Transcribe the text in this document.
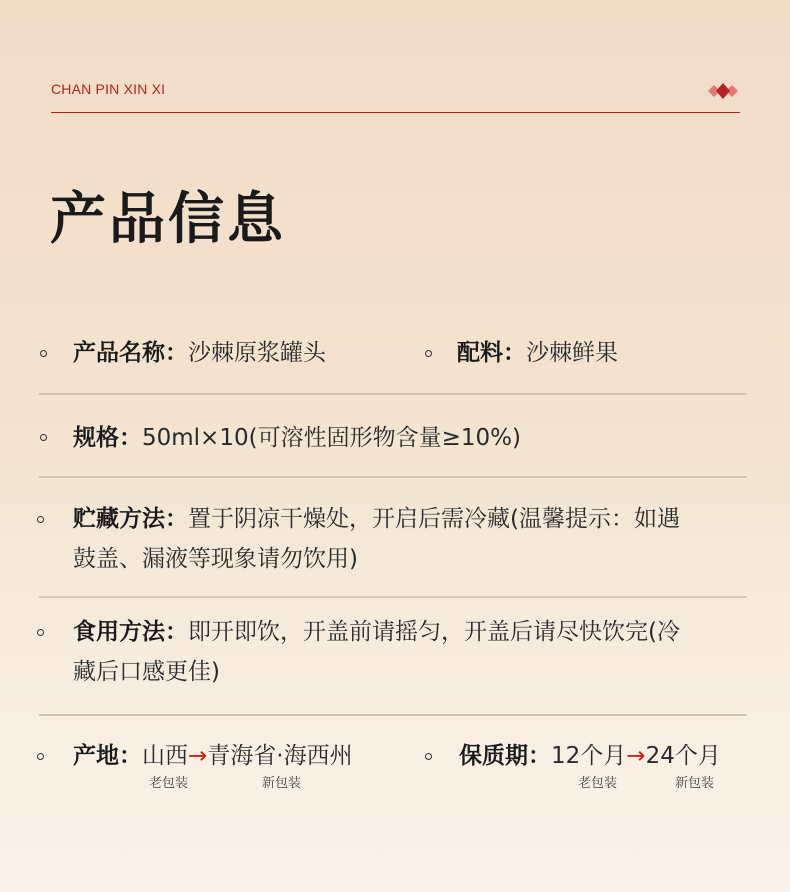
CHAN PIN XIN XI
产品信息
产品名称：沙棘原浆罐头	配料：沙棘鲜果
规格：50ml×10(可溶性固形物含量≥10%)
贮藏方法：置于阴凉干燥处，开启后需冷藏(温馨提示：如遇
鼓盖、漏液等现象请勿饮用)
食用方法：即开即饮，开盖前请摇匀，开盖后请尽快饮完(冷
藏后口感更佳)
产地：山西→青海省·海西州
老包装	新包装
保质期：12个月→24个月
老包装	新包装
